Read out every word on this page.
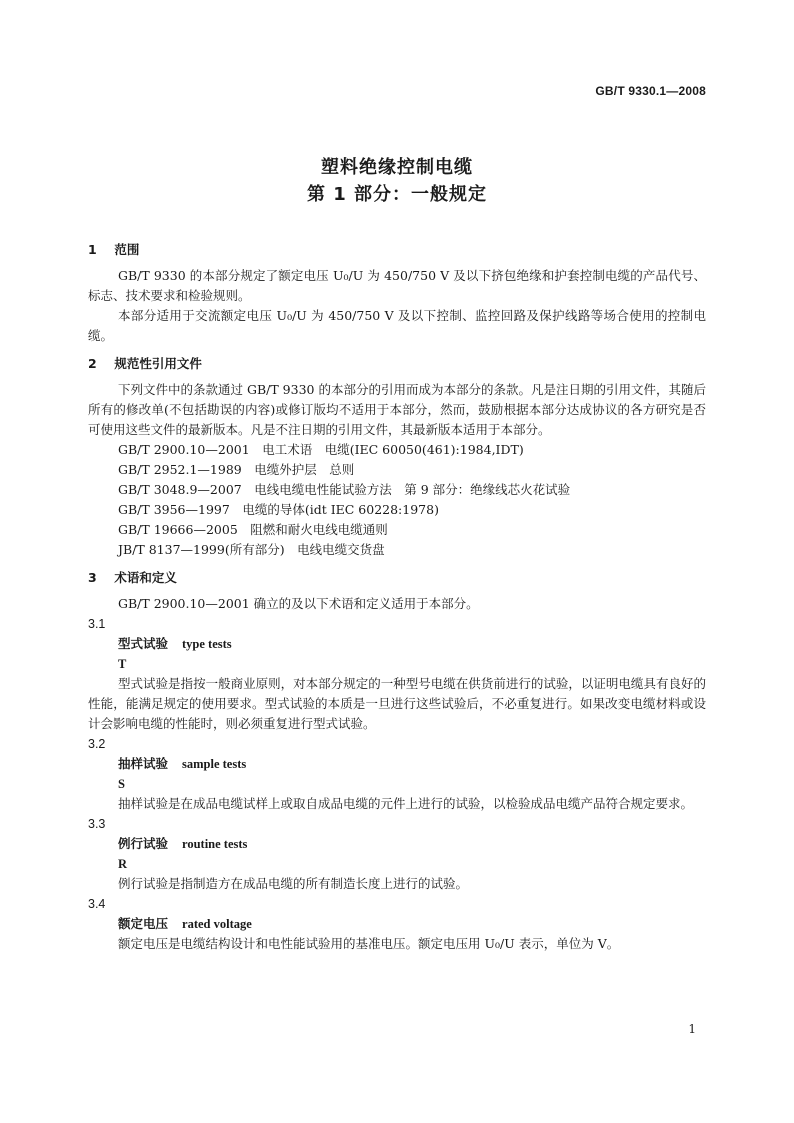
GB/T 9330.1—2008
塑料绝缘控制电缆
第 1 部分：一般规定
1 范围

GB/T 9330 的本部分规定了额定电压 U₀/U 为 450/750 V 及以下挤包绝缘和护套控制电缆的产品代号、标志、技术要求和检验规则。

本部分适用于交流额定电压 U₀/U 为 450/750 V 及以下控制、监控回路及保护线路等场合使用的控制电缆。

2 规范性引用文件

下列文件中的条款通过 GB/T 9330 的本部分的引用而成为本部分的条款。凡是注日期的引用文件，其随后所有的修改单(不包括勘误的内容)或修订版均不适用于本部分，然而，鼓励根据本部分达成协议的各方研究是否可使用这些文件的最新版本。凡是不注日期的引用文件，其最新版本适用于本部分。

GB/T 2900.10—2001　电工术语　电缆(IEC 60050(461):1984,IDT)

GB/T 2952.1—1989　电缆外护层　总则

GB/T 3048.9—2007　电线电缆电性能试验方法　第 9 部分：绝缘线芯火花试验

GB/T 3956—1997　电缆的导体(idt IEC 60228:1978)

GB/T 19666—2005　阻燃和耐火电线电缆通则

JB/T 8137—1999(所有部分)　电线电缆交货盘

3 术语和定义

GB/T 2900.10—2001 确立的及以下术语和定义适用于本部分。

3.1

型式试验 type tests

T

型式试验是指按一般商业原则，对本部分规定的一种型号电缆在供货前进行的试验，以证明电缆具有良好的性能，能满足规定的使用要求。型式试验的本质是一旦进行这些试验后，不必重复进行。如果改变电缆材料或设计会影响电缆的性能时，则必须重复进行型式试验。

3.2

抽样试验 sample tests

S

抽样试验是在成品电缆试样上或取自成品电缆的元件上进行的试验，以检验成品电缆产品符合规定要求。

3.3

例行试验 routine tests

R

例行试验是指制造方在成品电缆的所有制造长度上进行的试验。

3.4

额定电压 rated voltage

额定电压是电缆结构设计和电性能试验用的基准电压。额定电压用 U₀/U 表示，单位为 V。

1
